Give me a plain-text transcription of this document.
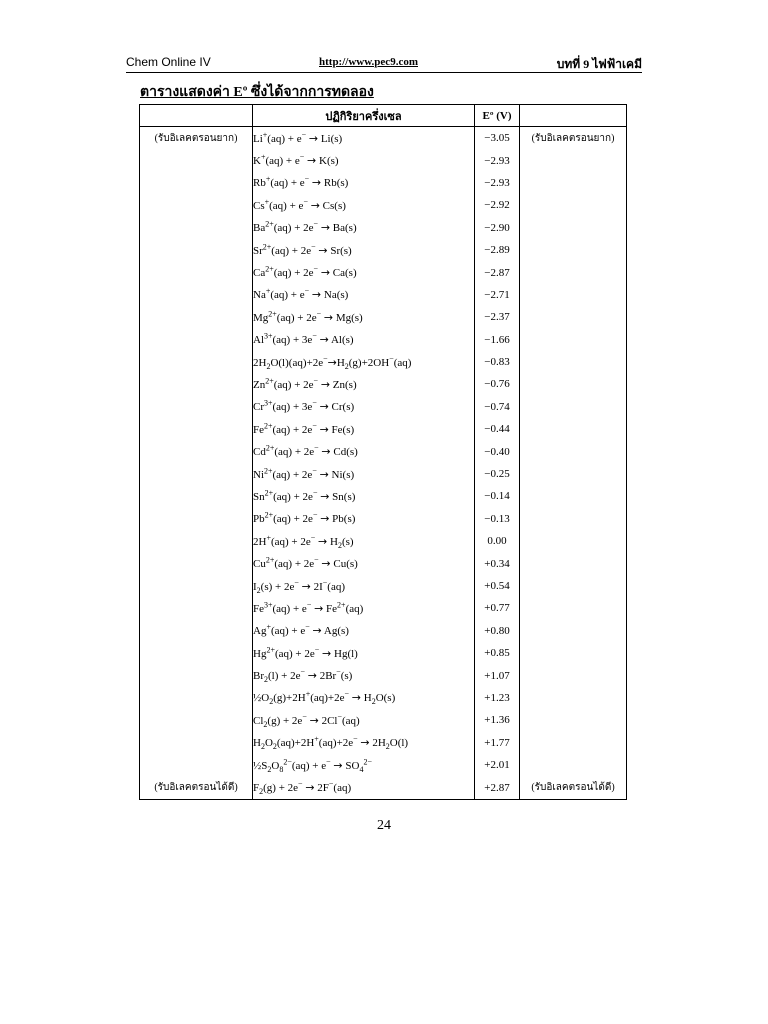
Chem Online IV	http://www.pec9.com	บทที่ 9 ไฟฟ้าเคมี
ตารางแสดงค่า Eº ซึ่งได้จากการทดลอง
	ปฏิกิริยาครึ่งเซล	Eº (V)	
(รับอิเลคตรอนยาก)	Li+(aq) + e− → Li(s)	−3.05	(รับอิเลคตรอนยาก)
	K+(aq) + e− → K(s)	−2.93	
	Rb+(aq) + e− → Rb(s)	−2.93	
	Cs+(aq) + e− → Cs(s)	−2.92	
	$Ba^{2+}(aq) + 2e^- \to Ba(s)$	−2.90	
	$Sr^{2+}(aq) + 2e^- \to Sr(s)$	−2.89	
	$Ca^{2+}(aq) + 2e^- \to Ca(s)$	−2.87	
	Na+(aq) + e− → Na(s)	−2.71	
	$Mg^{2+}(aq) + 2e^- \to Mg(s)$	−2.37	
	$Al^{3+}(aq) + 3e^- \to Al(s)$	−1.66	
	$2H_2O(l)(aq)+2e^-\to H_2(g)+2OH^-(aq)$	−0.83	
	$Zn^{2+}(aq) + 2e^- \to Zn(s)$	−0.76	
	$Cr^{3+}(aq) + 3e^- \to Cr(s)$	−0.74	
	$Fe^{2+}(aq) + 2e^- \to Fe(s)$	−0.44	
	$Cd^{2+}(aq) + 2e^- \to Cd(s)$	−0.40	
	$Ni^{2+}(aq) + 2e^- \to Ni(s)$	−0.25	
	$Sn^{2+}(aq) + 2e^- \to Sn(s)$	−0.14	
	$Pb^{2+}(aq) + 2e^- \to Pb(s)$	−0.13	
	$2H^+(aq) + 2e^- \to H_2(s)$	0.00	
	$Cu^{2+}(aq) + 2e^- \to Cu(s)$	+0.34	
	$I_2(s) + 2e^- \to 2I^-(aq)$	+0.54	
	$Fe^{3+}(aq) + e^- \to Fe^{2+}(aq)$	+0.77	
	Ag+(aq) + e− → Ag(s)	+0.80	
	$Hg^{2+}(aq) + 2e^- \to Hg(l)$	+0.85	
	$Br_2(l) + 2e^- \to 2Br^-(s)$	+1.07	
	$\frac{1}{2}O_2(g)+2H^+(aq)+2e^- \to H_2O(s)$	+1.23	
	$Cl_2(g) + 2e^- \to 2Cl^-(aq)$	+1.36	
	$H_2O_2(aq)+2H^+(aq)+2e^- \to 2H_2O(l)$	+1.77	
	$\frac{1}{2}S_2O_8^{2-}(aq) + e^- \to SO_4^{2-}$	+2.01	
(รับอิเลคตรอนได้ดี)	$F_2(g) + 2e^- \to 2F^-(aq)$	+2.87	(รับอิเลคตรอนได้ดี)
24
